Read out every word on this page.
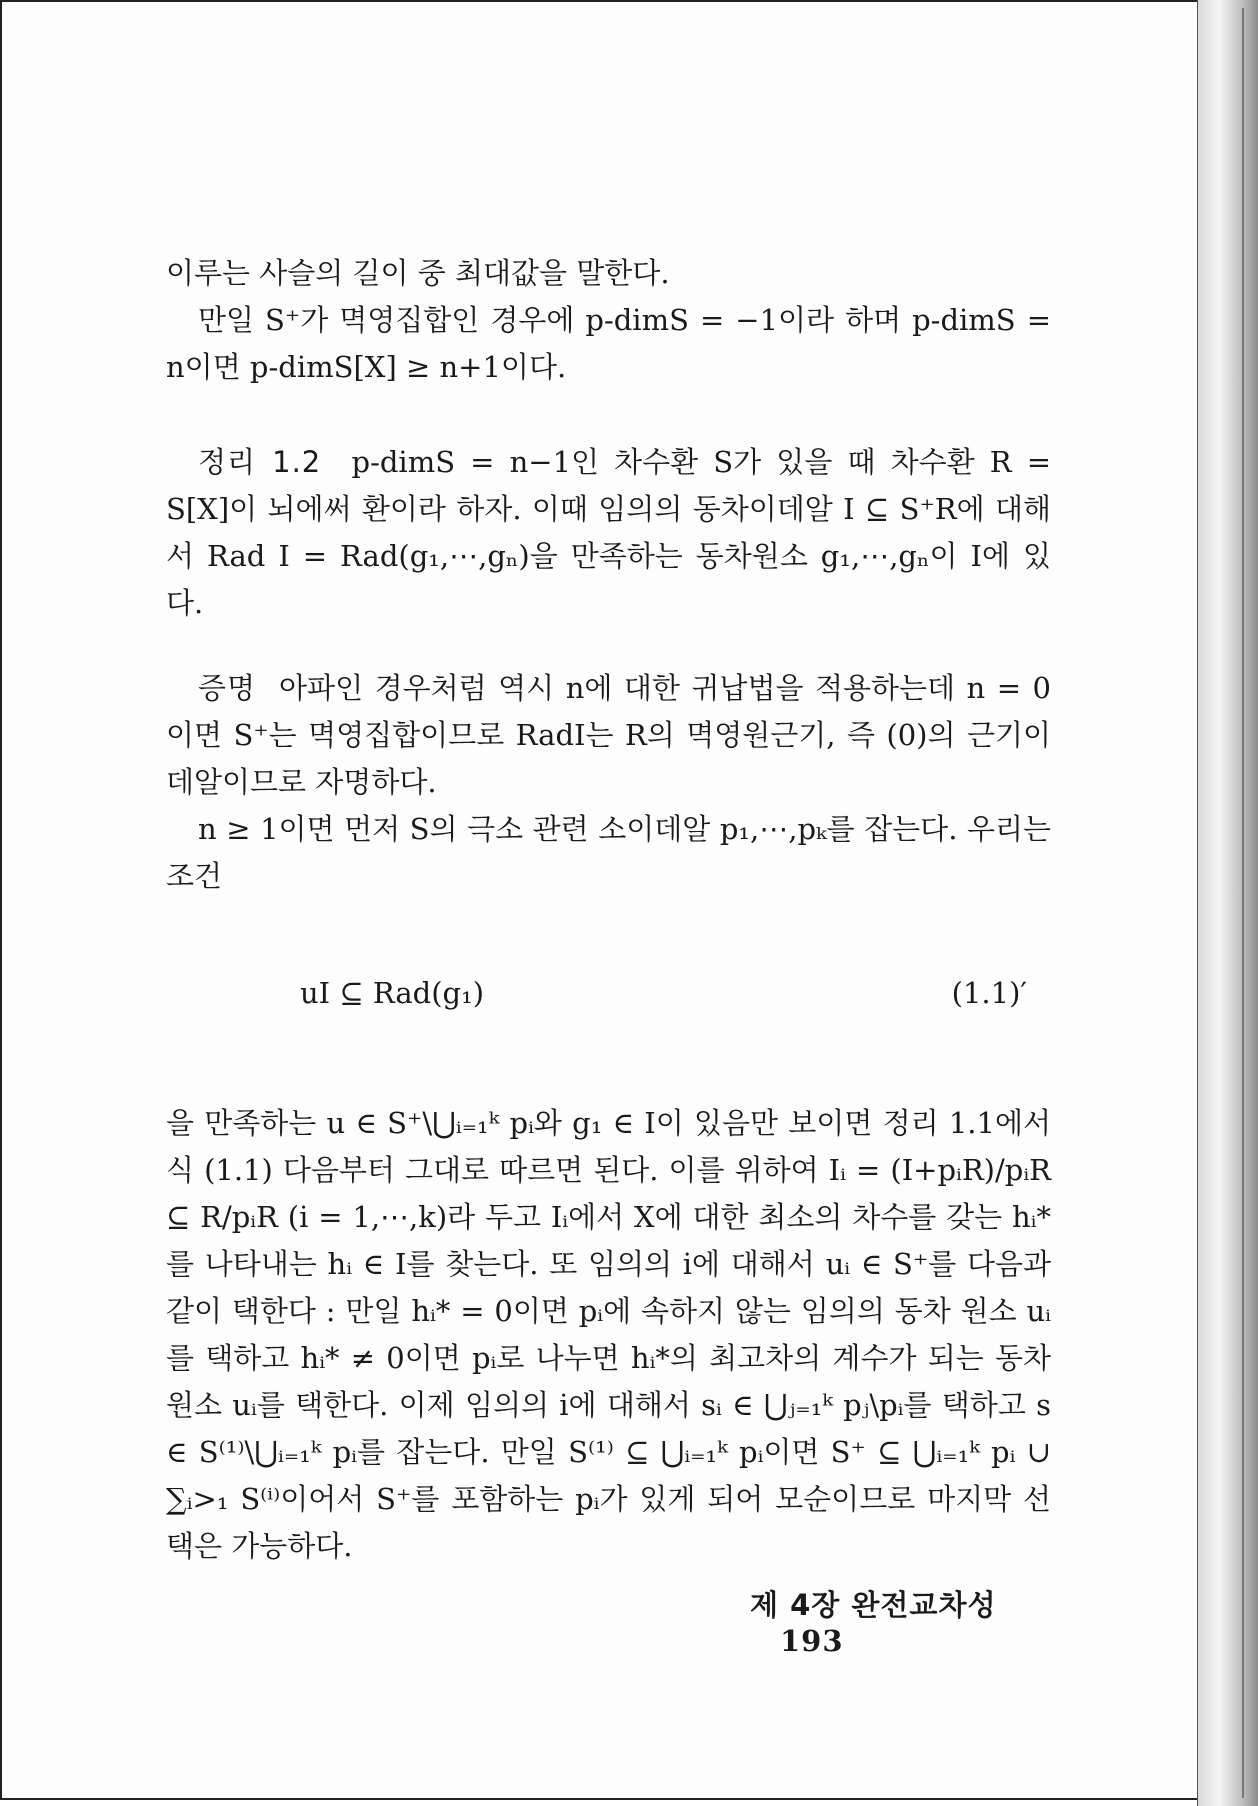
이루는 사슬의 길이 중 최대값을 말한다.

만일 S⁺가 멱영집합인 경우에 p-dimS = −1이라 하며 p-dimS = n이면 p-dimS[X] ≥ n+1이다.

정리 1.2 p-dimS = n−1인 차수환 S가 있을 때 차수환 R = S[X]이 뇌에써 환이라 하자. 이때 임의의 동차이데알 I ⊆ S⁺R에 대해서 Rad I = Rad(g₁,⋯,gₙ)을 만족하는 동차원소 g₁,⋯,gₙ이 I에 있다.

증명 아파인 경우처럼 역시 n에 대한 귀납법을 적용하는데 n = 0이면 S⁺는 멱영집합이므로 RadI는 R의 멱영원근기, 즉 (0)의 근기이데알이므로 자명하다.

n ≥ 1이면 먼저 S의 극소 관련 소이데알 p₁,⋯,pₖ를 잡는다. 우리는 조건

uI ⊆ Rad(g₁)	(1.1)′

을 만족하는 u ∈ S⁺\⋃ᵢ₌₁ᵏ pᵢ와 g₁ ∈ I이 있음만 보이면 정리 1.1에서 식 (1.1) 다음부터 그대로 따르면 된다. 이를 위하여 Iᵢ = (I+pᵢR)/pᵢR ⊆ R/pᵢR (i = 1,⋯,k)라 두고 Iᵢ에서 X에 대한 최소의 차수를 갖는 hᵢ*를 나타내는 hᵢ ∈ I를 찾는다. 또 임의의 i에 대해서 uᵢ ∈ S⁺를 다음과 같이 택한다 : 만일 hᵢ* = 0이면 pᵢ에 속하지 않는 임의의 동차 원소 uᵢ를 택하고 hᵢ* ≠ 0이면 pᵢ로 나누면 hᵢ*의 최고차의 계수가 되는 동차 원소 uᵢ를 택한다. 이제 임의의 i에 대해서 sᵢ ∈ ⋃ⱼ₌₁ᵏ pⱼ\pᵢ를 택하고 s ∈ S⁽¹⁾\⋃ᵢ₌₁ᵏ pᵢ를 잡는다. 만일 S⁽¹⁾ ⊆ ⋃ᵢ₌₁ᵏ pᵢ이면 S⁺ ⊆ ⋃ᵢ₌₁ᵏ pᵢ ∪ ∑ᵢ>₁ S⁽ⁱ⁾이어서 S⁺를 포함하는 pᵢ가 있게 되어 모순이므로 마지막 선택은 가능하다.

제 4장 완전교차성193
